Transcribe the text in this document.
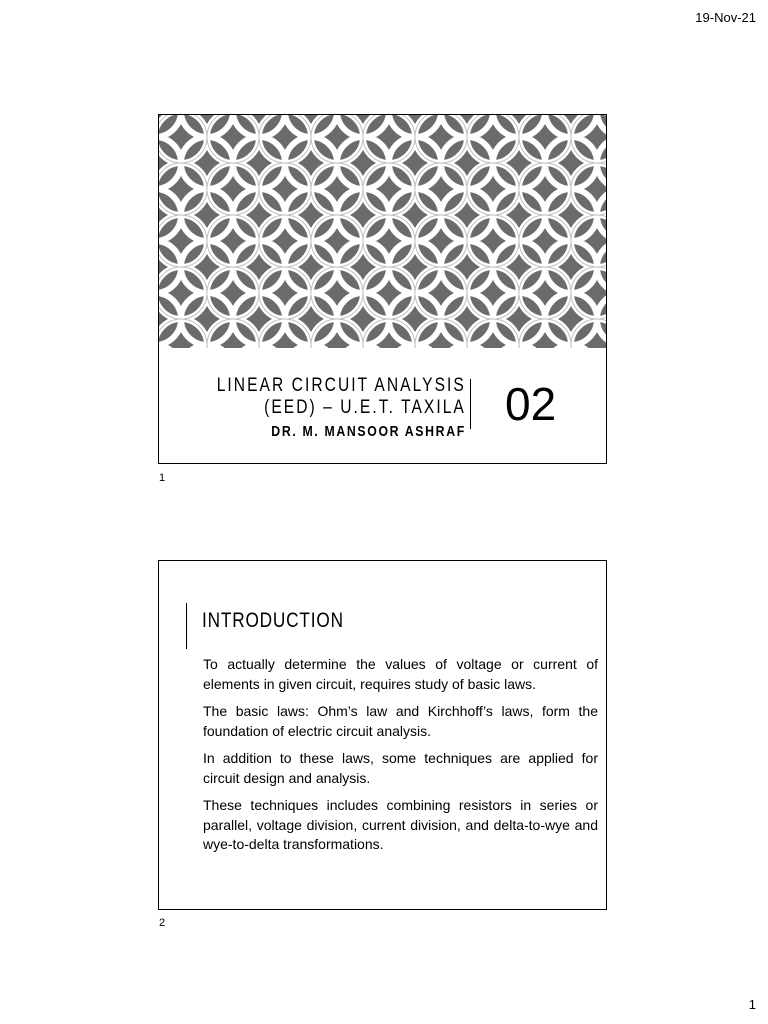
19-Nov-21
LINEAR CIRCUIT ANALYSIS
(EED) – U.E.T. TAXILA
DR. M. MANSOOR ASHRAF
02
1
INTRODUCTION

To actually determine the values of voltage or current of elements in given circuit, requires study of basic laws.

The basic laws: Ohm’s law and Kirchhoff’s laws, form the foundation of electric circuit analysis.

In addition to these laws, some techniques are applied for circuit design and analysis.

These techniques includes combining resistors in series or parallel, voltage division, current division, and delta-to-wye and wye-to-delta transformations.

2
1
